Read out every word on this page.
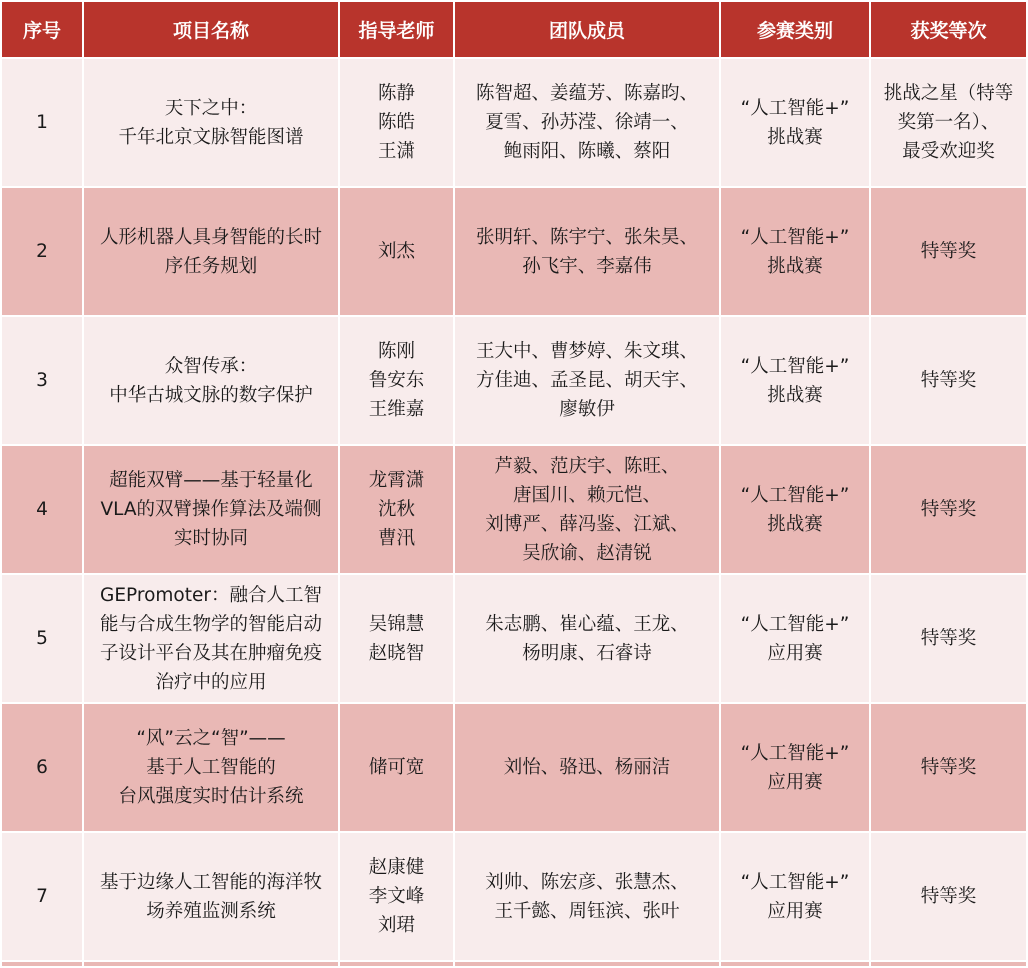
序号	项目名称	指导老师	团队成员	参赛类别	获奖等次
1	天下之中：
千年北京文脉智能图谱	陈静
陈皓
王潇	陈智超、姜蕴芳、陈嘉昀、
夏雪、孙苏滢、徐靖一、
鲍雨阳、陈曦、蔡阳	“人工智能+”
挑战赛	挑战之星（特等
奖第一名）、
最受欢迎奖

2	人形机器人具身智能的长时
序任务规划	刘杰	张明轩、陈宇宁、张朱昊、
孙飞宇、李嘉伟	“人工智能+”
挑战赛	特等奖

3	众智传承：
中华古城文脉的数字保护	陈刚
鲁安东
王维嘉	王大中、曹梦婷、朱文琪、
方佳迪、孟圣昆、胡天宇、
廖敏伊	“人工智能+”
挑战赛	特等奖

4	超能双臂——基于轻量化
VLA的双臂操作算法及端侧
实时协同	龙霄潇
沈秋
曹汛	芦毅、范庆宇、陈旺、
唐国川、赖元恺、
刘博严、薛冯鉴、江斌、
吴欣谕、赵清锐	“人工智能+”
挑战赛	特等奖

5	GEPromoter：融合人工智
能与合成生物学的智能启动
子设计平台及其在肿瘤免疫
治疗中的应用	吴锦慧
赵晓智	朱志鹏、崔心蕴、王龙、
杨明康、石睿诗	“人工智能+”
应用赛	特等奖

6	“风”云之“智”——
基于人工智能的
台风强度实时估计系统	储可宽	刘怡、骆迅、杨丽洁	“人工智能+”
应用赛	特等奖

7	基于边缘人工智能的海洋牧
场养殖监测系统	赵康健
李文峰
刘珺	刘帅、陈宏彦、张慧杰、
王千懿、周钰滨、张叶	“人工智能+”
应用赛	特等奖
